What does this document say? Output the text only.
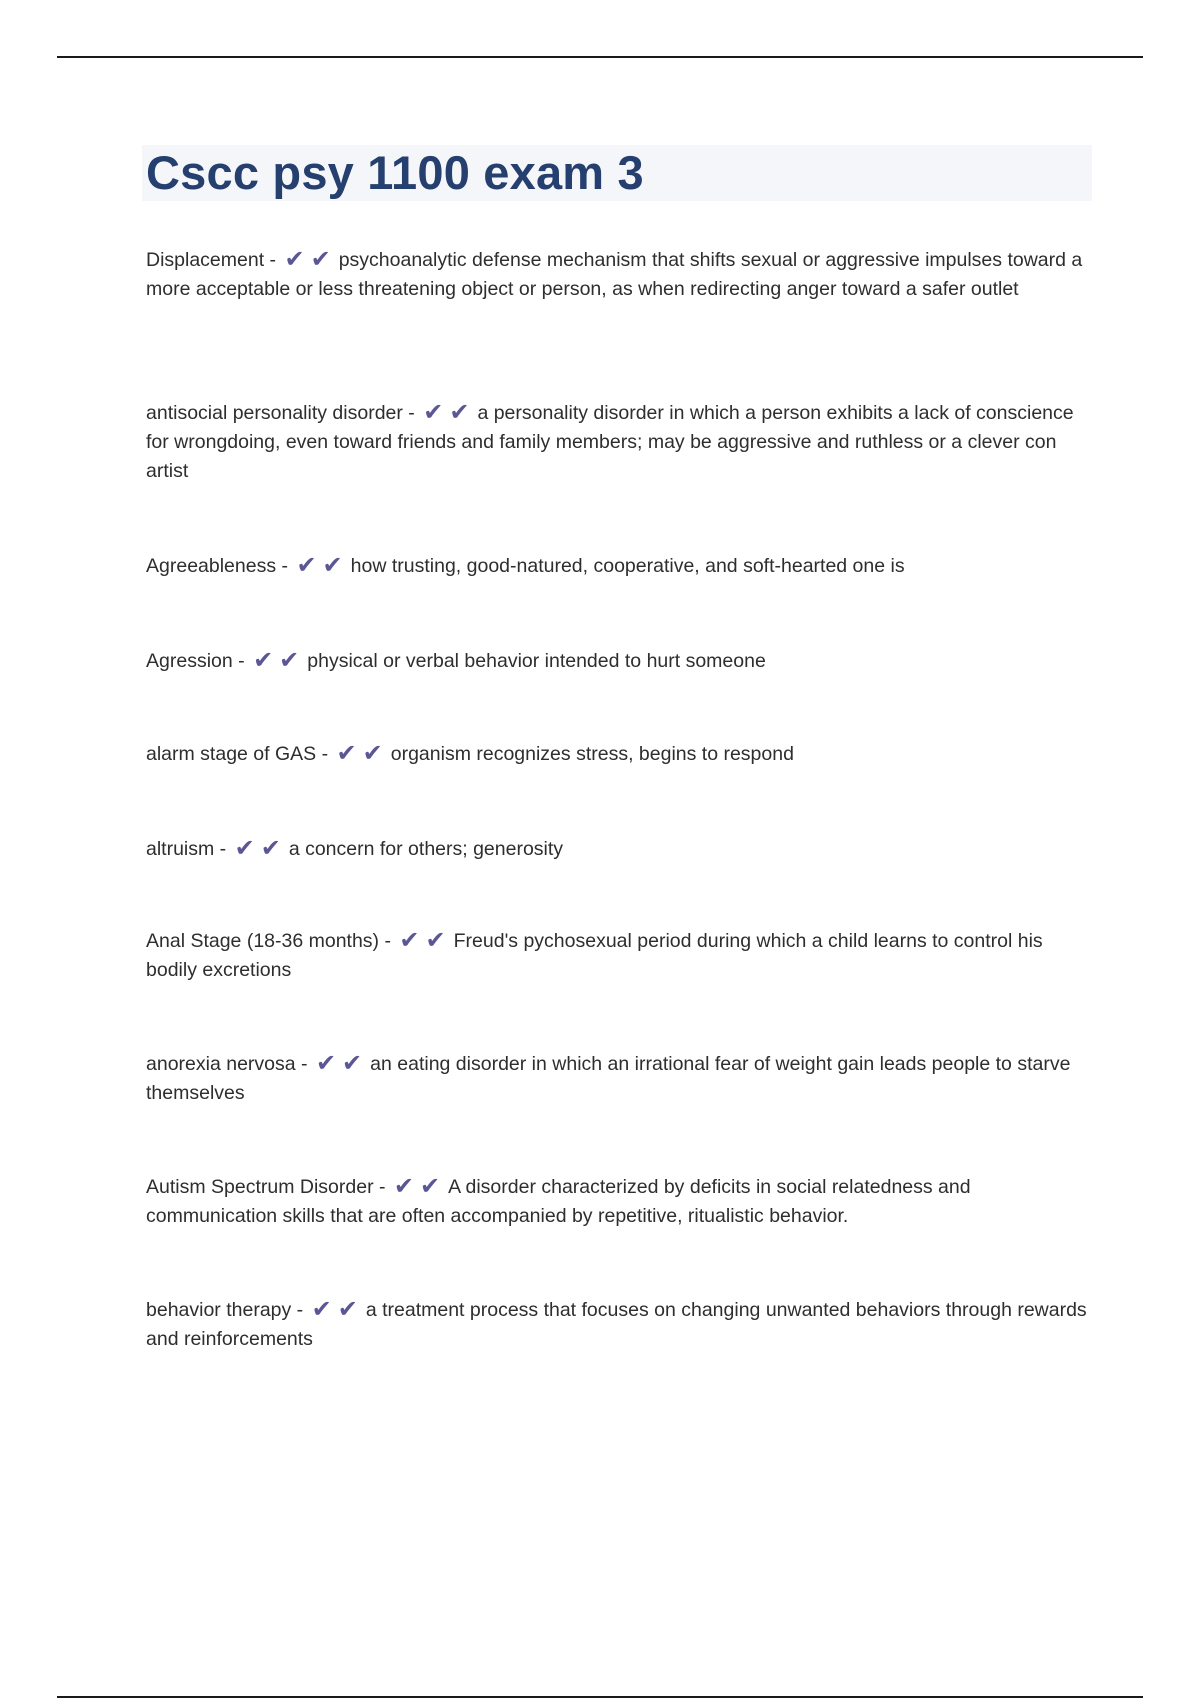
Cscc psy 1100 exam 3

Displacement - ✔✔ psychoanalytic defense mechanism that shifts sexual or aggressive impulses toward a more acceptable or less threatening object or person, as when redirecting anger toward a safer outlet

antisocial personality disorder - ✔✔ a personality disorder in which a person exhibits a lack of conscience for wrongdoing, even toward friends and family members; may be aggressive and ruthless or a clever con artist

Agreeableness - ✔✔ how trusting, good-natured, cooperative, and soft-hearted one is

Agression - ✔✔ physical or verbal behavior intended to hurt someone

alarm stage of GAS - ✔✔ organism recognizes stress, begins to respond

altruism - ✔✔ a concern for others; generosity

Anal Stage (18-36 months) - ✔✔ Freud's pychosexual period during which a child learns to control his bodily excretions

anorexia nervosa - ✔✔ an eating disorder in which an irrational fear of weight gain leads people to starve themselves

Autism Spectrum Disorder - ✔✔ A disorder characterized by deficits in social relatedness and communication skills that are often accompanied by repetitive, ritualistic behavior.

behavior therapy - ✔✔ a treatment process that focuses on changing unwanted behaviors through rewards and reinforcements
